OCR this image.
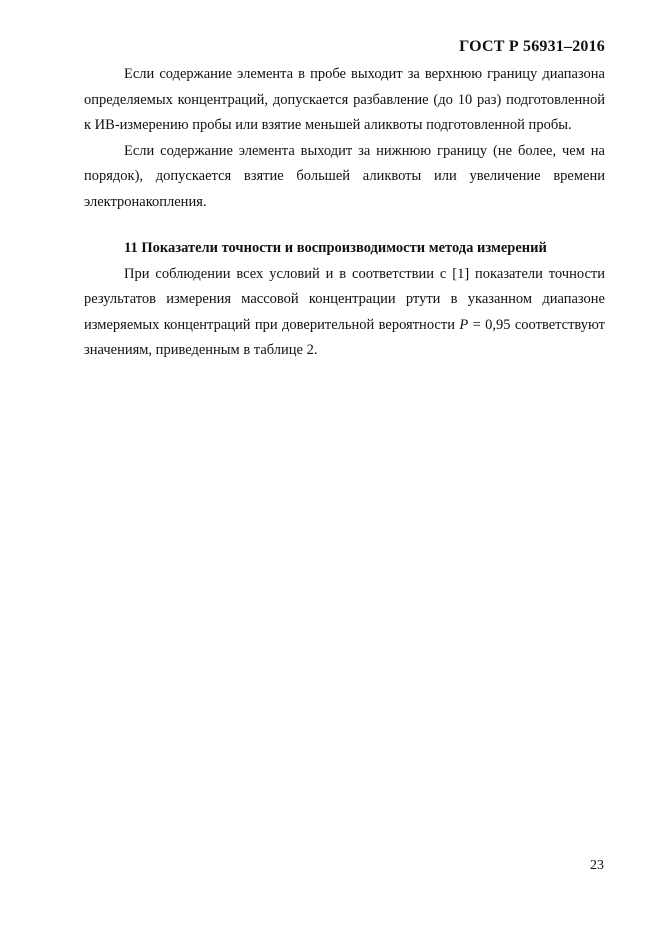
ГОСТ Р 56931–2016

Если содержание элемента в пробе выходит за верхнюю границу диапазона определяемых концентраций, допускается разбавление (до 10 раз) подготовленной к ИВ-измерению пробы или взятие меньшей аликвоты подготовленной пробы.

Если содержание элемента выходит за нижнюю границу (не более, чем на порядок), допускается взятие большей аликвоты или увеличение времени электронакопления.

11 Показатели точности и воспроизводимости метода измерений

При соблюдении всех условий и в соответствии с [1] показатели точности результатов измерения массовой концентрации ртути в указанном диапазоне измеряемых концентраций при доверительной вероятности P = 0,95 соответствуют значениям, приведенным в таблице 2.

23
